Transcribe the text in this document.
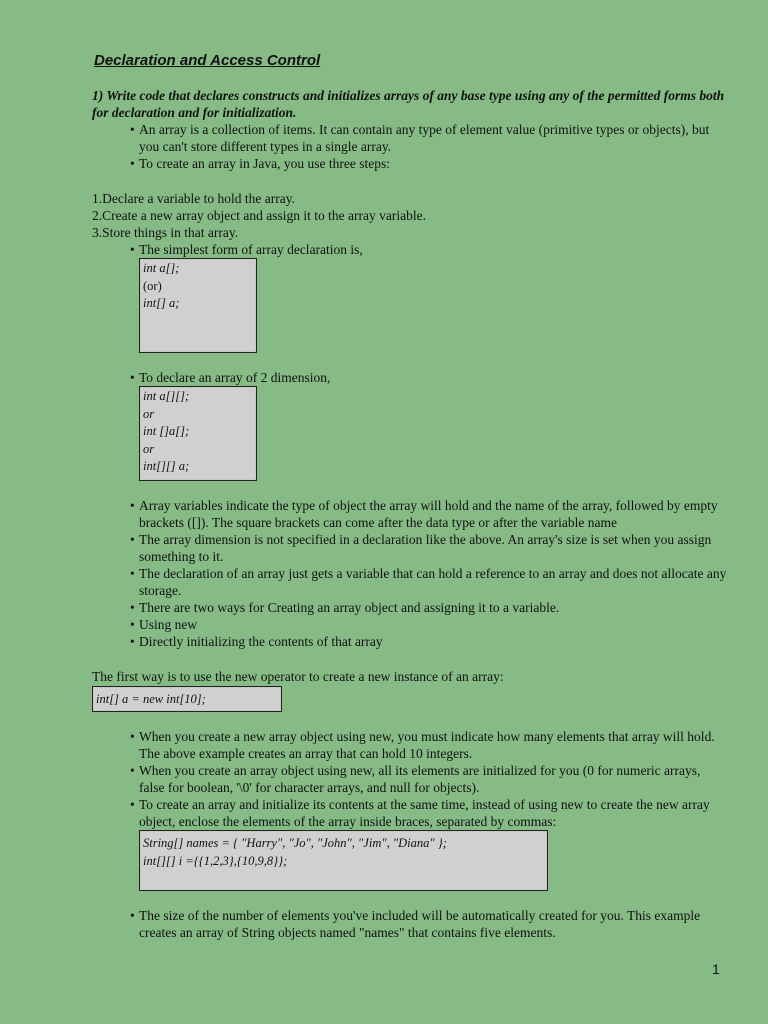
Declaration and Access Control

1) Write code that declares constructs and initializes arrays of any base type using any of the permitted forms both for declaration and for initialization.

• An array is a collection of items. It can contain any type of element value (primitive types or objects), but you can't store different types in a single array.
• To create an array in Java, you use three steps:
1.Declare a variable to hold the array.
2.Create a new array object and assign it to the array variable.
3.Store things in that array.
• The simplest form of array declaration is,
int a[];
(or)
int[] a;
• To declare an array of 2 dimension,
int a[][];
or
int []a[];
or
int[][] a;
• Array variables indicate the type of object the array will hold and the name of the array, followed by empty brackets ([]). The square brackets can come after the data type or after the variable name
• The array dimension is not specified in a declaration like the above. An array's size is set when you assign something to it.
• The declaration of an array just gets a variable that can hold a reference to an array and does not allocate any storage.
• There are two ways for Creating an array object and assigning it to a variable.
• Using new
• Directly initializing the contents of that array

The first way is to use the new operator to create a new instance of an array:

int[] a = new int[10];
• When you create a new array object using new, you must indicate how many elements that array will hold. The above example creates an array that can hold 10 integers.
• When you create an array object using new, all its elements are initialized for you (0 for numeric arrays, false for boolean, '\0' for character arrays, and null for objects).
• To create an array and initialize its contents at the same time, instead of using new to create the new array object, enclose the elements of the array inside braces, separated by commas:
String[] names = { "Harry", "Jo", "John", "Jim", "Diana" };
int[][] i ={{1,2,3},{10,9,8}};
• The size of the number of elements you've included will be automatically created for you. This example creates an array of String objects named "names" that contains five elements.
1
